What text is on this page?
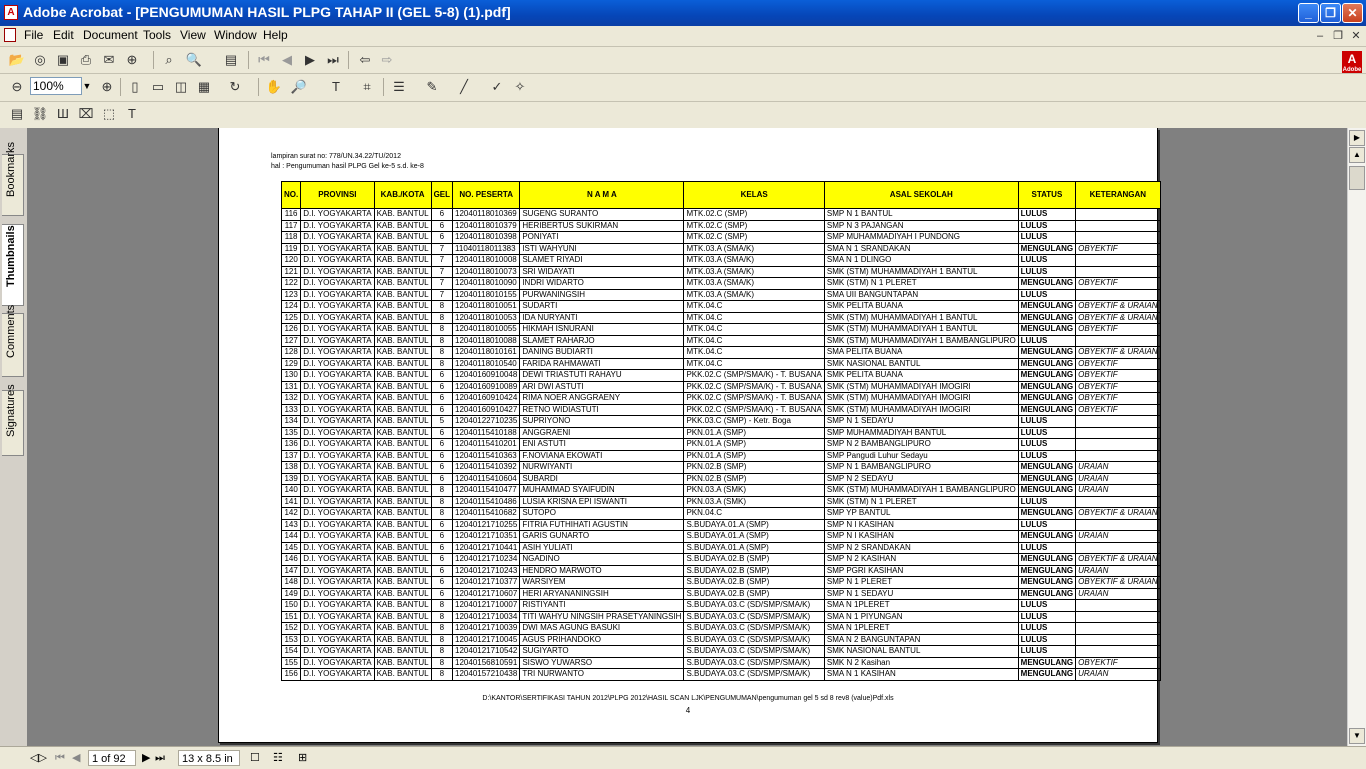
A Adobe Acrobat - [PENGUMUMAN HASIL PLPG TAHAP II (GEL 5-8) (1).pdf]	_	❐ ✕
File Edit Document Tools View Window Help	– ❐ ✕
📂 ◎ ▣ ⎙ ✉ ⊕	⌕	🔍 ▤ ⏮ ◀	▶ ⏭ ⇦ ⇨	A
Adobe
⊖ 100%	▼ ⊕	▯	▭ ◫ ▦ ↻ ✋ 🔎	T	⌗	☰ ✎	╱	✓ ✧
▤ ⛓ Ш ⌧ ⬚ T
Bookmarks
Thumbnails
Comments
Signatures
lampiran surat no: 778/UN.34.22/TU/2012
hal : Pengumuman hasil PLPG Gel ke-5 s.d. ke-8
NO.	PROVINSI	KAB./KOTA	GEL	NO. PESERTA	N A M A	KELAS	ASAL SEKOLAH	STATUS	KETERANGAN
116	D.I. YOGYAKARTA	KAB. BANTUL	6	12040118010369	SUGENG SURANTO	MTK.02.C (SMP)	SMP N 1 BANTUL	LULUS	
117	D.I. YOGYAKARTA	KAB. BANTUL	6	12040118010379	HERIBERTUS SUKIRMAN	MTK.02.C (SMP)	SMP N 3 PAJANGAN	LULUS	
118	D.I. YOGYAKARTA	KAB. BANTUL	6	12040118010398	PONIYATI	MTK.02.C (SMP)	SMP MUHAMMADIYAH I PUNDONG	LULUS	
119	D.I. YOGYAKARTA	KAB. BANTUL	7	11040118011383	ISTI WAHYUNI	MTK.03.A (SMA/K)	SMA N 1 SRANDAKAN	MENGULANG	OBYEKTIF
120	D.I. YOGYAKARTA	KAB. BANTUL	7	12040118010008	SLAMET RIYADI	MTK.03.A (SMA/K)	SMA N 1 DLINGO	LULUS	
121	D.I. YOGYAKARTA	KAB. BANTUL	7	12040118010073	SRI WIDAYATI	MTK.03.A (SMA/K)	SMK (STM) MUHAMMADIYAH 1 BANTUL	LULUS	
122	D.I. YOGYAKARTA	KAB. BANTUL	7	12040118010090	INDRI WIDARTO	MTK.03.A (SMA/K)	SMK (STM) N 1 PLERET	MENGULANG	OBYEKTIF
123	D.I. YOGYAKARTA	KAB. BANTUL	7	12040118010155	PURWANINGSIH	MTK.03.A (SMA/K)	SMA UII BANGUNTAPAN	LULUS	
124	D.I. YOGYAKARTA	KAB. BANTUL	8	12040118010051	SUDARTI	MTK.04.C	SMK PELITA BUANA	MENGULANG	OBYEKTIF & URAIAN
125	D.I. YOGYAKARTA	KAB. BANTUL	8	12040118010053	IDA NURYANTI	MTK.04.C	SMK (STM) MUHAMMADIYAH 1 BANTUL	MENGULANG	OBYEKTIF & URAIAN
126	D.I. YOGYAKARTA	KAB. BANTUL	8	12040118010055	HIKMAH ISNURANI	MTK.04.C	SMK (STM) MUHAMMADIYAH 1 BANTUL	MENGULANG	OBYEKTIF
127	D.I. YOGYAKARTA	KAB. BANTUL	8	12040118010088	SLAMET RAHARJO	MTK.04.C	SMK (STM) MUHAMMADIYAH 1 BAMBANGLIPURO	LULUS	
128	D.I. YOGYAKARTA	KAB. BANTUL	8	12040118010161	DANING BUDIARTI	MTK.04.C	SMA PELITA BUANA	MENGULANG	OBYEKTIF & URAIAN
129	D.I. YOGYAKARTA	KAB. BANTUL	8	12040118010540	FARIDA RAHMAWATI	MTK.04.C	SMK NASIONAL BANTUL	MENGULANG	OBYEKTIF
130	D.I. YOGYAKARTA	KAB. BANTUL	6	12040160910048	DEWI TRIASTUTI RAHAYU	PKK.02.C (SMP/SMA/K) - T. BUSANA	SMK PELITA BUANA	MENGULANG	OBYEKTIF
131	D.I. YOGYAKARTA	KAB. BANTUL	6	12040160910089	ARI DWI ASTUTI	PKK.02.C (SMP/SMA/K) - T. BUSANA	SMK (STM) MUHAMMADIYAH IMOGIRI	MENGULANG	OBYEKTIF
132	D.I. YOGYAKARTA	KAB. BANTUL	6	12040160910424	RIMA NOER ANGGRAENY	PKK.02.C (SMP/SMA/K) - T. BUSANA	SMK (STM) MUHAMMADIYAH IMOGIRI	MENGULANG	OBYEKTIF
133	D.I. YOGYAKARTA	KAB. BANTUL	6	12040160910427	RETNO WIDIASTUTI	PKK.02.C (SMP/SMA/K) - T. BUSANA	SMK (STM) MUHAMMADIYAH IMOGIRI	MENGULANG	OBYEKTIF
134	D.I. YOGYAKARTA	KAB. BANTUL	5	12040122710235	SUPRIYONO	PKK.03.C (SMP) - Ketr. Boga	SMP N 1 SEDAYU	LULUS	
135	D.I. YOGYAKARTA	KAB. BANTUL	6	12040115410188	ANGGRAENI	PKN.01.A (SMP)	SMP MUHAMMADIYAH BANTUL	LULUS	
136	D.I. YOGYAKARTA	KAB. BANTUL	6	12040115410201	ENI ASTUTI	PKN.01.A (SMP)	SMP N 2 BAMBANGLIPURO	LULUS	
137	D.I. YOGYAKARTA	KAB. BANTUL	6	12040115410363	F.NOVIANA EKOWATI	PKN.01.A (SMP)	SMP Pangudi Luhur Sedayu	LULUS	
138	D.I. YOGYAKARTA	KAB. BANTUL	6	12040115410392	NURWIYANTI	PKN.02.B (SMP)	SMP N 1 BAMBANGLIPURO	MENGULANG	URAIAN
139	D.I. YOGYAKARTA	KAB. BANTUL	6	12040115410604	SUBARDI	PKN.02.B (SMP)	SMP N 2 SEDAYU	MENGULANG	URAIAN
140	D.I. YOGYAKARTA	KAB. BANTUL	8	12040115410477	MUHAMMAD SYAIFUDIN	PKN.03.A (SMK)	SMK (STM) MUHAMMADIYAH 1 BAMBANGLIPURO	MENGULANG	URAIAN
141	D.I. YOGYAKARTA	KAB. BANTUL	8	12040115410486	LUSIA KRISNA EPI ISWANTI	PKN.03.A (SMK)	SMK (STM) N 1 PLERET	LULUS	
142	D.I. YOGYAKARTA	KAB. BANTUL	8	12040115410682	SUTOPO	PKN.04.C	SMP YP BANTUL	MENGULANG	OBYEKTIF & URAIAN
143	D.I. YOGYAKARTA	KAB. BANTUL	6	12040121710255	FITRIA FUTHIHATI AGUSTIN	S.BUDAYA.01.A (SMP)	SMP N I KASIHAN	LULUS	
144	D.I. YOGYAKARTA	KAB. BANTUL	6	12040121710351	GARIS GUNARTO	S.BUDAYA.01.A (SMP)	SMP N I KASIHAN	MENGULANG	URAIAN
145	D.I. YOGYAKARTA	KAB. BANTUL	6	12040121710441	ASIH YULIATI	S.BUDAYA.01.A (SMP)	SMP N 2 SRANDAKAN	LULUS	
146	D.I. YOGYAKARTA	KAB. BANTUL	6	12040121710234	NGADINO	S.BUDAYA.02.B (SMP)	SMP N 2 KASIHAN	MENGULANG	OBYEKTIF & URAIAN
147	D.I. YOGYAKARTA	KAB. BANTUL	6	12040121710243	HENDRO MARWOTO	S.BUDAYA.02.B (SMP)	SMP PGRI KASIHAN	MENGULANG	URAIAN
148	D.I. YOGYAKARTA	KAB. BANTUL	6	12040121710377	WARSIYEM	S.BUDAYA.02.B (SMP)	SMP N 1 PLERET	MENGULANG	OBYEKTIF & URAIAN
149	D.I. YOGYAKARTA	KAB. BANTUL	6	12040121710607	HERI ARYANANINGSIH	S.BUDAYA.02.B (SMP)	SMP N 1 SEDAYU	MENGULANG	URAIAN
150	D.I. YOGYAKARTA	KAB. BANTUL	8	12040121710007	RISTIYANTI	S.BUDAYA.03.C (SD/SMP/SMA/K)	SMA N 1PLERET	LULUS	
151	D.I. YOGYAKARTA	KAB. BANTUL	8	12040121710034	TITI WAHYU NINGSIH PRASETYANINGSIH	S.BUDAYA.03.C (SD/SMP/SMA/K)	SMA N 1 PIYUNGAN	LULUS	
152	D.I. YOGYAKARTA	KAB. BANTUL	8	12040121710039	DWI MAS AGUNG BASUKI	S.BUDAYA.03.C (SD/SMP/SMA/K)	SMA N 1PLERET	LULUS	
153	D.I. YOGYAKARTA	KAB. BANTUL	8	12040121710045	AGUS PRIHANDOKO	S.BUDAYA.03.C (SD/SMP/SMA/K)	SMA N 2 BANGUNTAPAN	LULUS	
154	D.I. YOGYAKARTA	KAB. BANTUL	8	12040121710542	SUGIYARTO	S.BUDAYA.03.C (SD/SMP/SMA/K)	SMK NASIONAL BANTUL	LULUS	
155	D.I. YOGYAKARTA	KAB. BANTUL	8	12040156810591	SISWO YUWARSO	S.BUDAYA.03.C (SD/SMP/SMA/K)	SMK N 2 Kasihan	MENGULANG	OBYEKTIF
156	D.I. YOGYAKARTA	KAB. BANTUL	8	12040157210438	TRI NURWANTO	S.BUDAYA.03.C (SD/SMP/SMA/K)	SMA N 1 KASIHAN	MENGULANG	URAIAN
D:\KANTOR\SERTIFIKASI TAHUN 2012\PLPG 2012\HASIL SCAN LJK\PENGUMUMAN\pengumuman gel 5 sd 8 rev8 (value)Pdf.xls
4
▶
▲
▼
◁▷ ⏮ ◀	1 of 92	▶ ⏭	13 x 8.5 in	☐ ☷ ⊞
